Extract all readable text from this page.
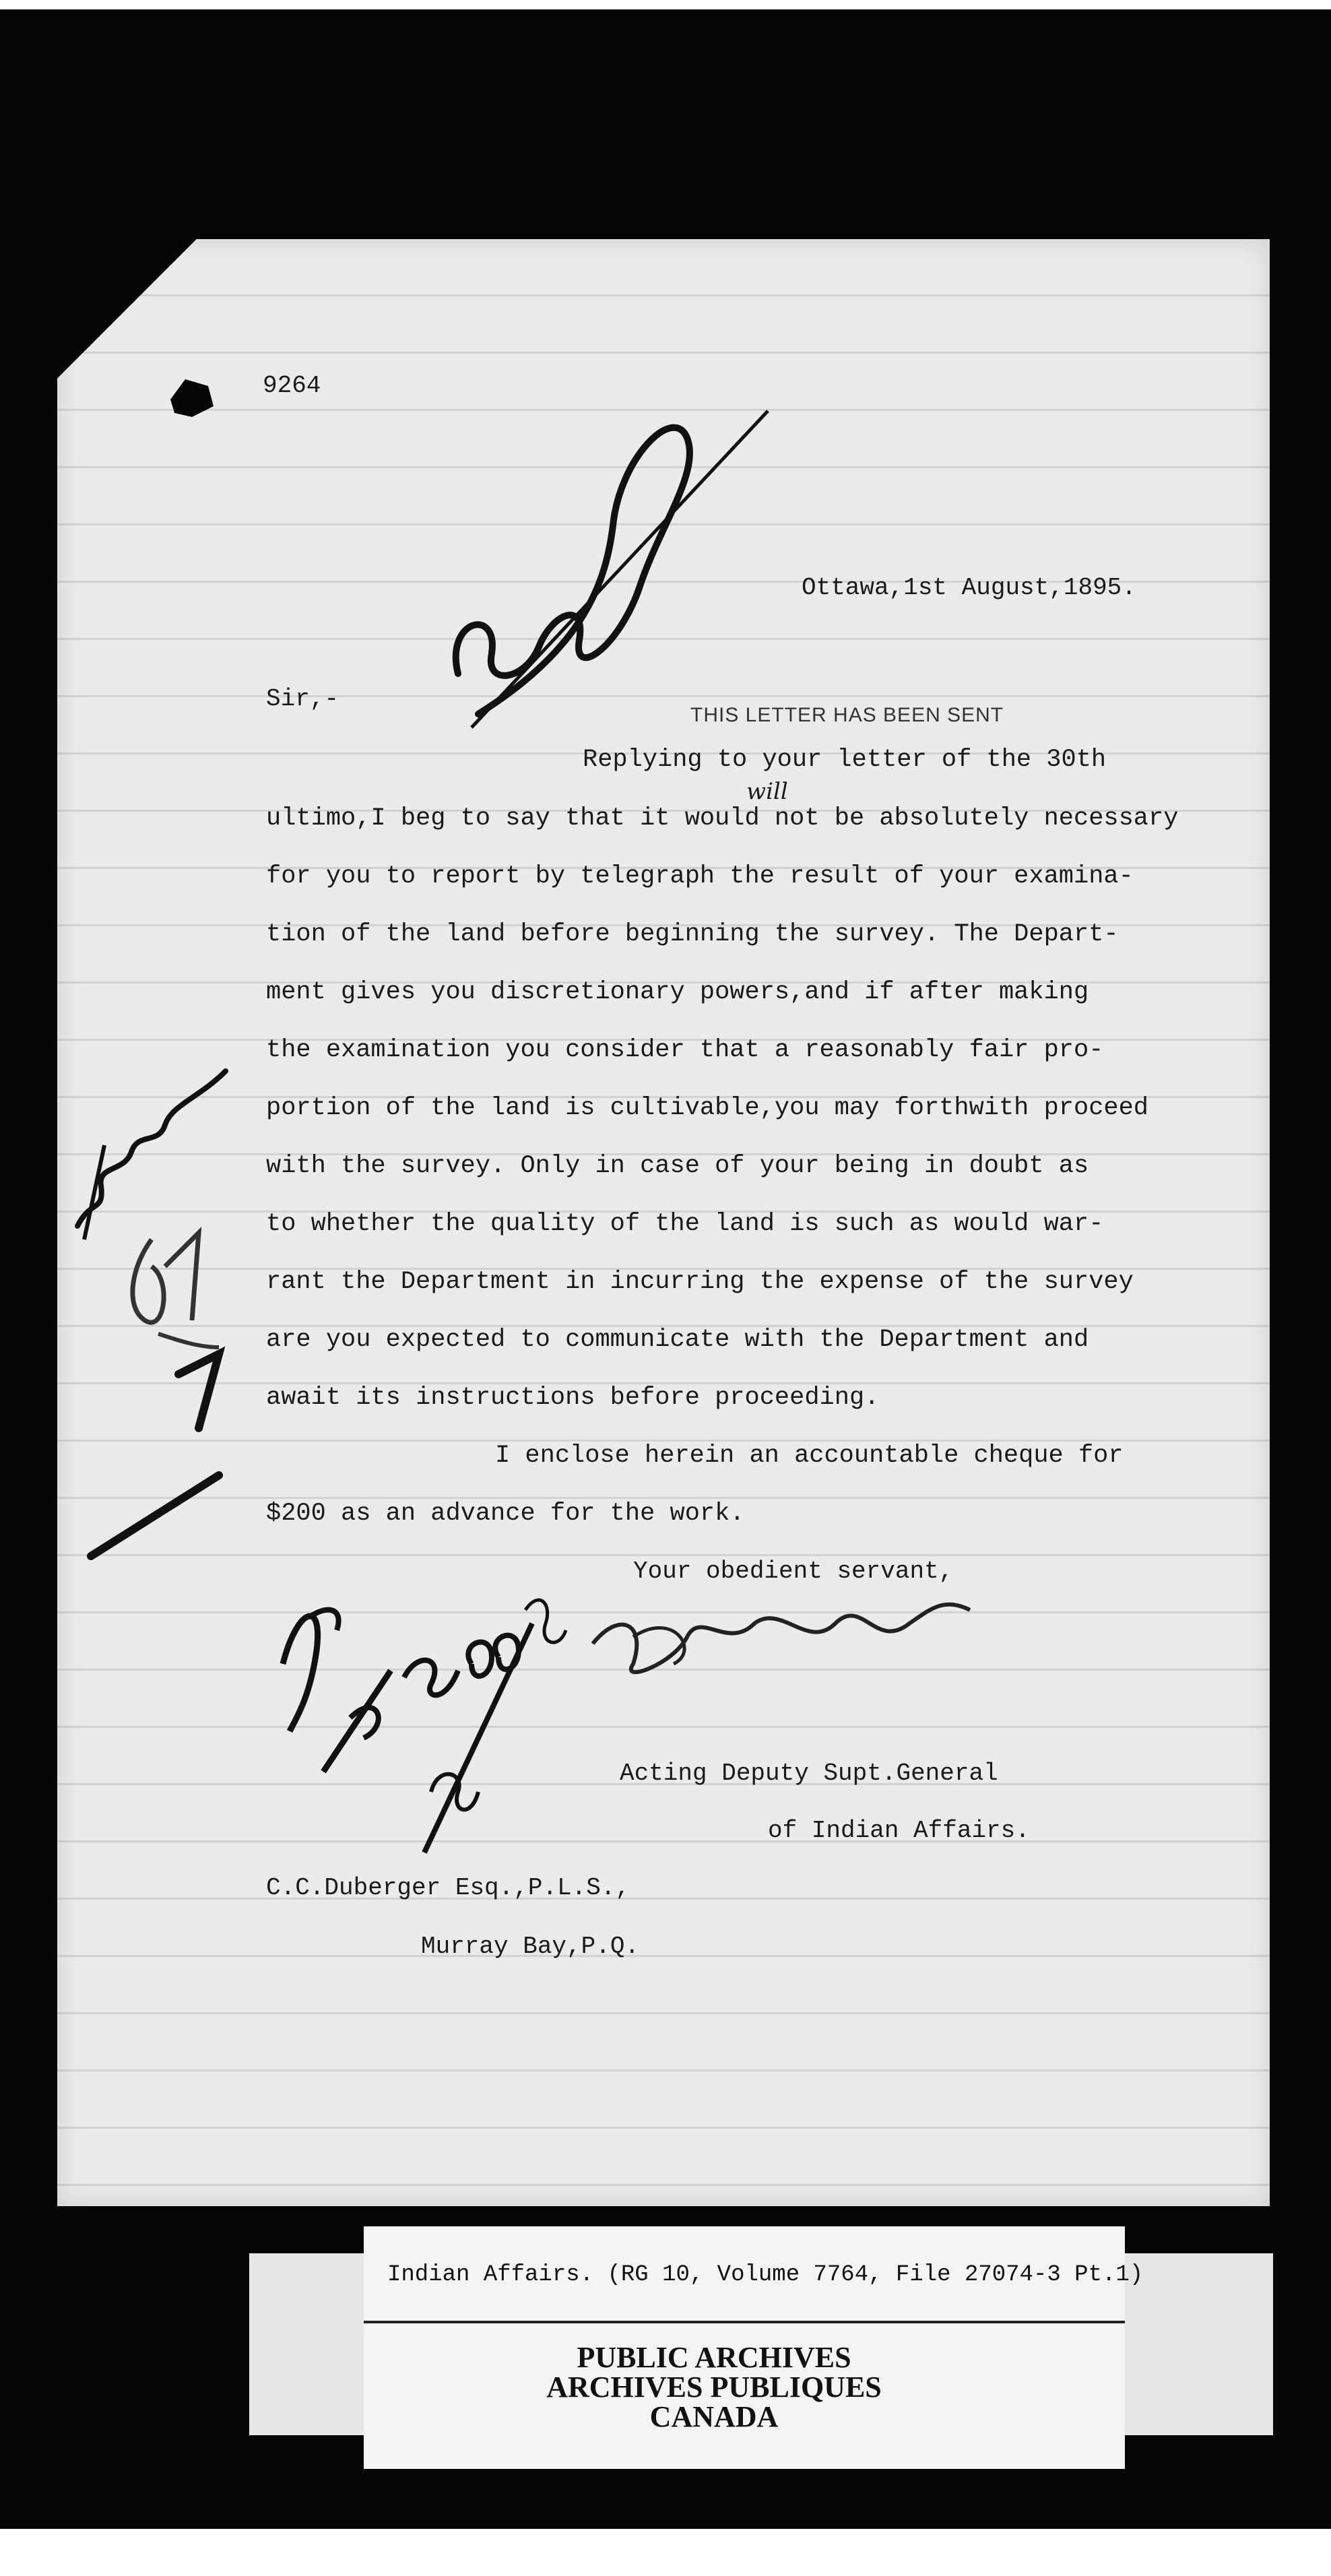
9264
Ottawa,1st August,1895.
Sir,-
THIS LETTER HAS BEEN SENT
will
Replying to your letter of the 30th
ultimo,I beg to say that it would not be absolutely necessary
for you to report by telegraph the result of your examina-
tion of the land before beginning the survey. The Depart-
ment gives you discretionary powers,and if after making
the examination you consider that a reasonably fair pro-
portion of the land is cultivable,you may forthwith proceed
with the survey. Only in case of your being in doubt as
to whether the quality of the land is such as would war-
rant the Department in incurring the expense of the survey
are you expected to communicate with the Department and
await its instructions before proceeding.
I enclose herein an accountable cheque for
$200 as an advance for the work.
Your obedient servant,
Acting Deputy Supt.General
of Indian Affairs.
C.C.Duberger Esq.,P.L.S.,
Murray Bay,P.Q.
Indian Affairs. (RG 10, Volume 7764, File 27074-3 Pt.1)
PUBLIC ARCHIVES
ARCHIVES PUBLIQUES
CANADA
